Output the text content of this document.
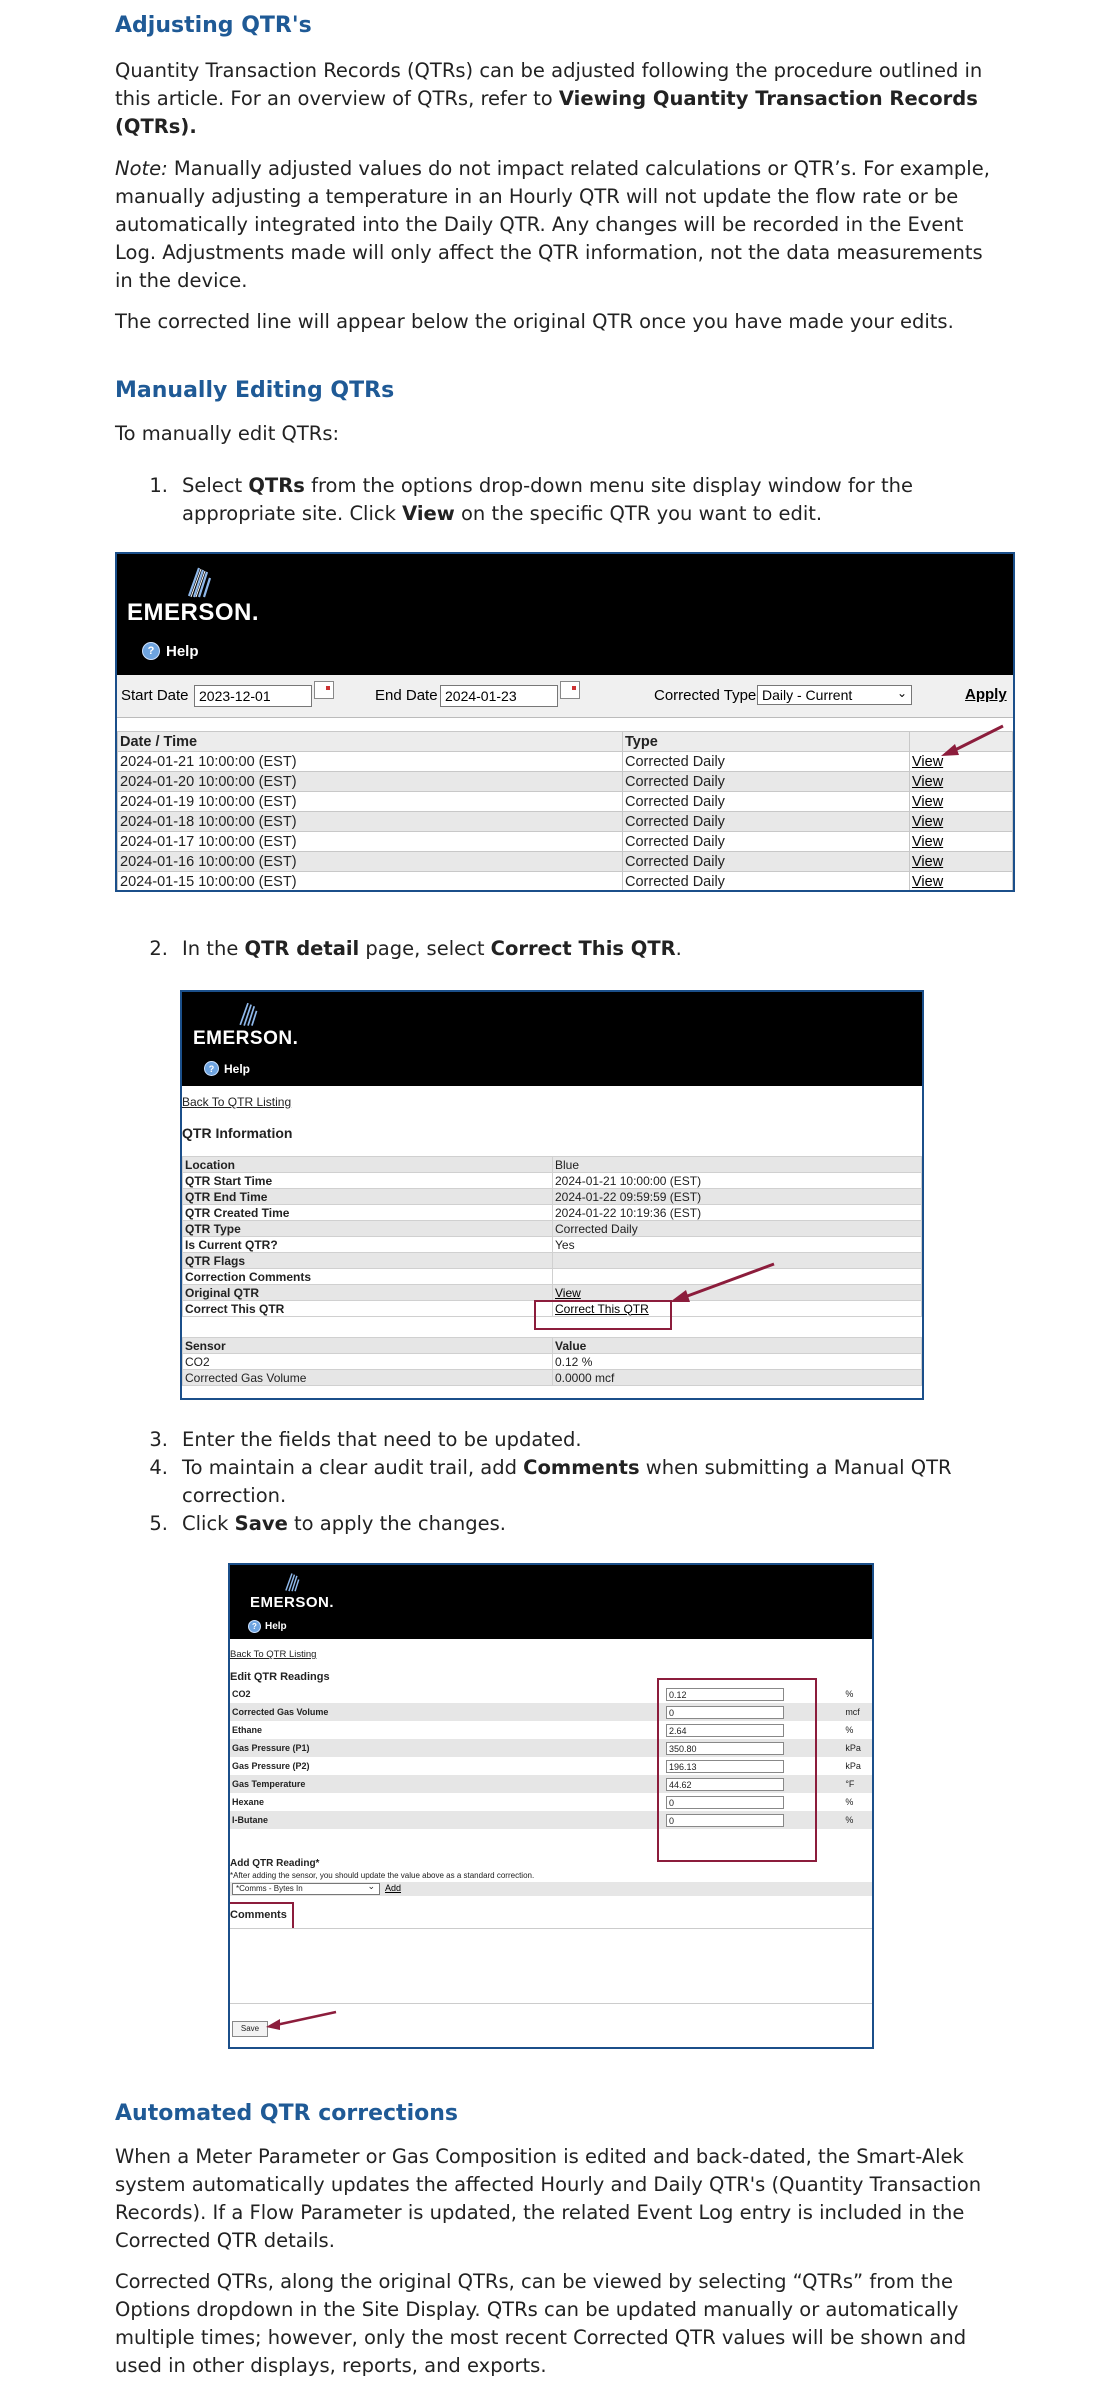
Adjusting QTR's

Quantity Transaction Records (QTRs) can be adjusted following the procedure outlined in this article. For an overview of QTRs, refer to Viewing Quantity Transaction Records (QTRs).

Note: Manually adjusted values do not impact related calculations or QTR’s. For example, manually adjusting a temperature in an Hourly QTR will not update the flow rate or be automatically integrated into the Daily QTR. Any changes will be recorded in the Event Log. Adjustments made will only affect the QTR information, not the data measurements in the device.

The corrected line will appear below the original QTR once you have made your edits.

Manually Editing QTRs

To manually edit QTRs:

1. Select QTRs from the options drop-down menu site display window for the appropriate site. Click View on the specific QTR you want to edit.
EMERSON.
? Help
Start Date 2023-12-01	End Date 2024-01-23	Corrected Type Daily - Current	⌄	Apply
Date / Time	Type	
2024-01-21 10:00:00 (EST)	Corrected Daily	View
2024-01-20 10:00:00 (EST)	Corrected Daily	View
2024-01-19 10:00:00 (EST)	Corrected Daily	View
2024-01-18 10:00:00 (EST)	Corrected Daily	View
2024-01-17 10:00:00 (EST)	Corrected Daily	View
2024-01-16 10:00:00 (EST)	Corrected Daily	View
2024-01-15 10:00:00 (EST)	Corrected Daily	View
2. In the QTR detail page, select Correct This QTR.
EMERSON.
? Help
Back To QTR Listing
QTR Information
Location	Blue
QTR Start Time	2024-01-21 10:00:00 (EST)
QTR End Time	2024-01-22 09:59:59 (EST)
QTR Created Time	2024-01-22 10:19:36 (EST)
QTR Type	Corrected Daily
Is Current QTR?	Yes
QTR Flags	
Correction Comments	
Original QTR	View
Correct This QTR	Correct This QTR
Sensor	Value
CO2	0.12 %
Corrected Gas Volume	0.0000 mcf
3. Enter the fields that need to be updated.
4. To maintain a clear audit trail, add Comments when submitting a Manual QTR correction.
5. Click Save to apply the changes.
EMERSON.
? Help
Back To QTR Listing
Edit QTR Readings
CO2	0.12	%
Corrected Gas Volume	0	mcf
Ethane	2.64	%
Gas Pressure (P1)	350.80	kPa
Gas Pressure (P2)	196.13	kPa
Gas Temperature	44.62	°F
Hexane	0	%
I-Butane	0	%
Add QTR Reading*
*After adding the sensor, you should update the value above as a standard correction.
*Comms - Bytes In	⌄ Add
Comments
Save
Automated QTR corrections

When a Meter Parameter or Gas Composition is edited and back-dated, the Smart-Alek system automatically updates the affected Hourly and Daily QTR's (Quantity Transaction Records). If a Flow Parameter is updated, the related Event Log entry is included in the Corrected QTR details.

Corrected QTRs, along the original QTRs, can be viewed by selecting “QTRs” from the Options dropdown in the Site Display. QTRs can be updated manually or automatically multiple times; however, only the most recent Corrected QTR values will be shown and used in other displays, reports, and exports.
